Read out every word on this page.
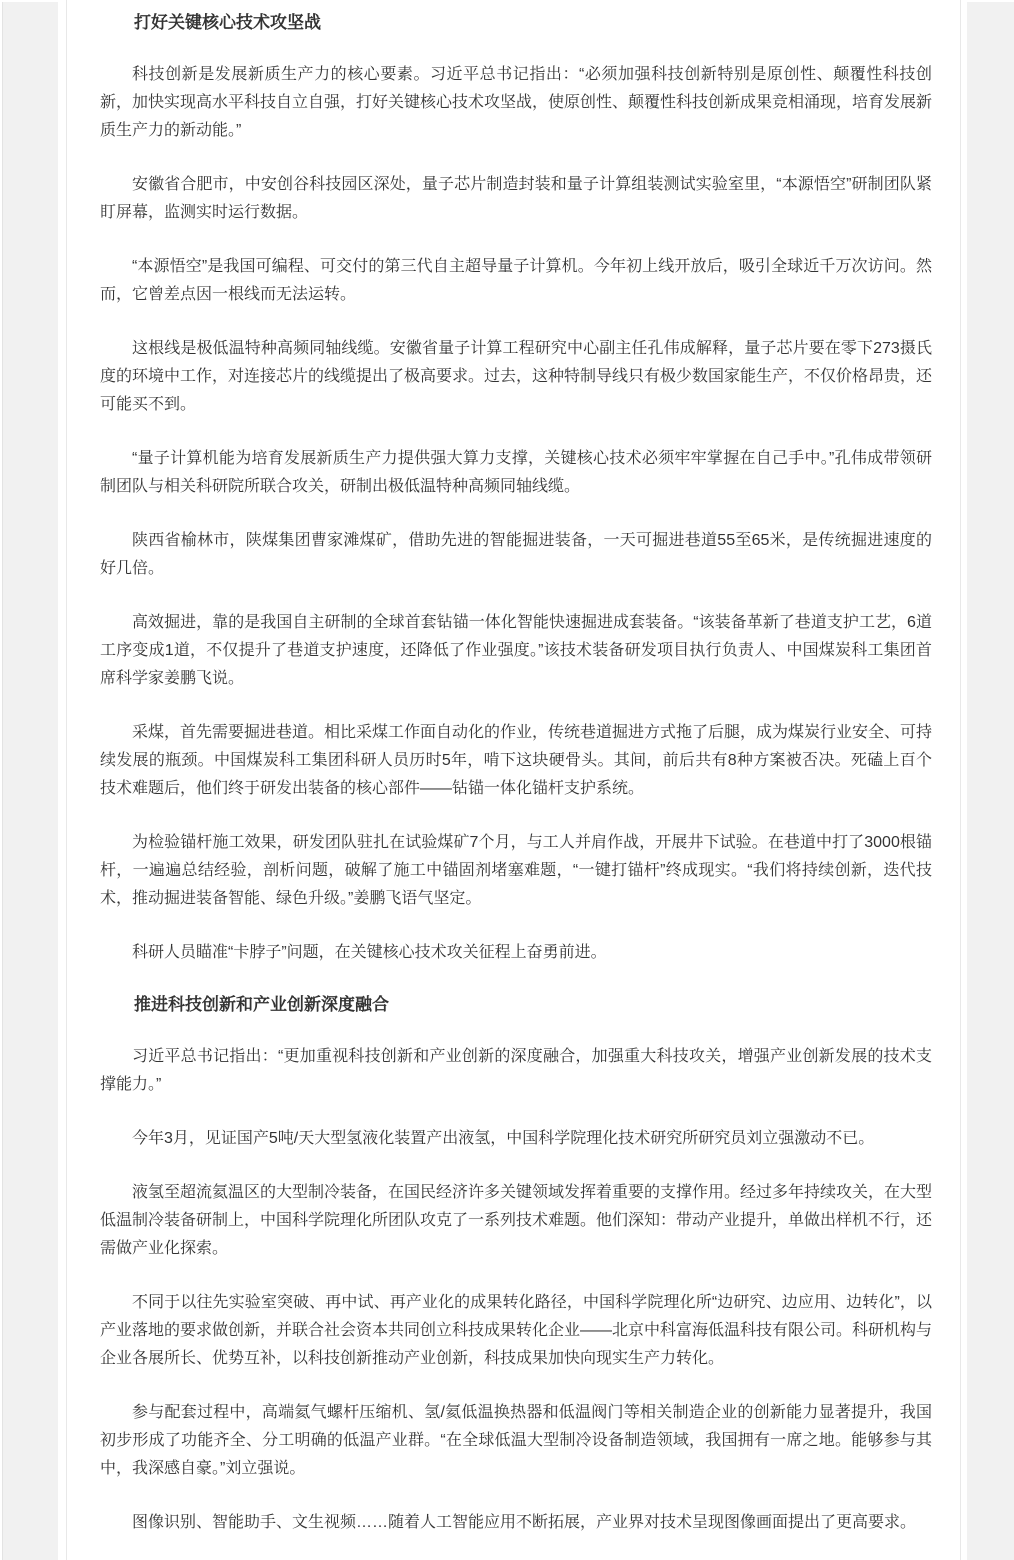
打好关键核心技术攻坚战

科技创新是发展新质生产力的核心要素。习近平总书记指出：“必须加强科技创新特别是原创性、颠覆性科技创新，加快实现高水平科技自立自强，打好关键核心技术攻坚战，使原创性、颠覆性科技创新成果竞相涌现，培育发展新质生产力的新动能。”

安徽省合肥市，中安创谷科技园区深处，量子芯片制造封装和量子计算组装测试实验室里，“本源悟空”研制团队紧盯屏幕，监测实时运行数据。

“本源悟空”是我国可编程、可交付的第三代自主超导量子计算机。今年初上线开放后，吸引全球近千万次访问。然而，它曾差点因一根线而无法运转。

这根线是极低温特种高频同轴线缆。安徽省量子计算工程研究中心副主任孔伟成解释，量子芯片要在零下273摄氏度的环境中工作，对连接芯片的线缆提出了极高要求。过去，这种特制导线只有极少数国家能生产，不仅价格昂贵，还可能买不到。

“量子计算机能为培育发展新质生产力提供强大算力支撑，关键核心技术必须牢牢掌握在自己手中。”孔伟成带领研制团队与相关科研院所联合攻关，研制出极低温特种高频同轴线缆。

陕西省榆林市，陕煤集团曹家滩煤矿，借助先进的智能掘进装备，一天可掘进巷道55至65米，是传统掘进速度的好几倍。

高效掘进，靠的是我国自主研制的全球首套钻锚一体化智能快速掘进成套装备。“该装备革新了巷道支护工艺，6道工序变成1道，不仅提升了巷道支护速度，还降低了作业强度。”该技术装备研发项目执行负责人、中国煤炭科工集团首席科学家姜鹏飞说。

采煤，首先需要掘进巷道。相比采煤工作面自动化的作业，传统巷道掘进方式拖了后腿，成为煤炭行业安全、可持续发展的瓶颈。中国煤炭科工集团科研人员历时5年，啃下这块硬骨头。其间，前后共有8种方案被否决。死磕上百个技术难题后，他们终于研发出装备的核心部件——钻锚一体化锚杆支护系统。

为检验锚杆施工效果，研发团队驻扎在试验煤矿7个月，与工人并肩作战，开展井下试验。在巷道中打了3000根锚杆，一遍遍总结经验，剖析问题，破解了施工中锚固剂堵塞难题，“一键打锚杆”终成现实。“我们将持续创新，迭代技术，推动掘进装备智能、绿色升级。”姜鹏飞语气坚定。

科研人员瞄准“卡脖子”问题，在关键核心技术攻关征程上奋勇前进。

推进科技创新和产业创新深度融合

习近平总书记指出：“更加重视科技创新和产业创新的深度融合，加强重大科技攻关，增强产业创新发展的技术支撑能力。”

今年3月，见证国产5吨/天大型氢液化装置产出液氢，中国科学院理化技术研究所研究员刘立强激动不已。

液氢至超流氦温区的大型制冷装备，在国民经济许多关键领域发挥着重要的支撑作用。经过多年持续攻关，在大型低温制冷装备研制上，中国科学院理化所团队攻克了一系列技术难题。他们深知：带动产业提升，单做出样机不行，还需做产业化探索。

不同于以往先实验室突破、再中试、再产业化的成果转化路径，中国科学院理化所“边研究、边应用、边转化”，以产业落地的要求做创新，并联合社会资本共同创立科技成果转化企业——北京中科富海低温科技有限公司。科研机构与企业各展所长、优势互补，以科技创新推动产业创新，科技成果加快向现实生产力转化。

参与配套过程中，高端氦气螺杆压缩机、氢/氦低温换热器和低温阀门等相关制造企业的创新能力显著提升，我国初步形成了功能齐全、分工明确的低温产业群。“在全球低温大型制冷设备制造领域，我国拥有一席之地。能够参与其中，我深感自豪。”刘立强说。

图像识别、智能助手、文生视频……随着人工智能应用不断拓展，产业界对技术呈现图像画面提出了更高要求。
